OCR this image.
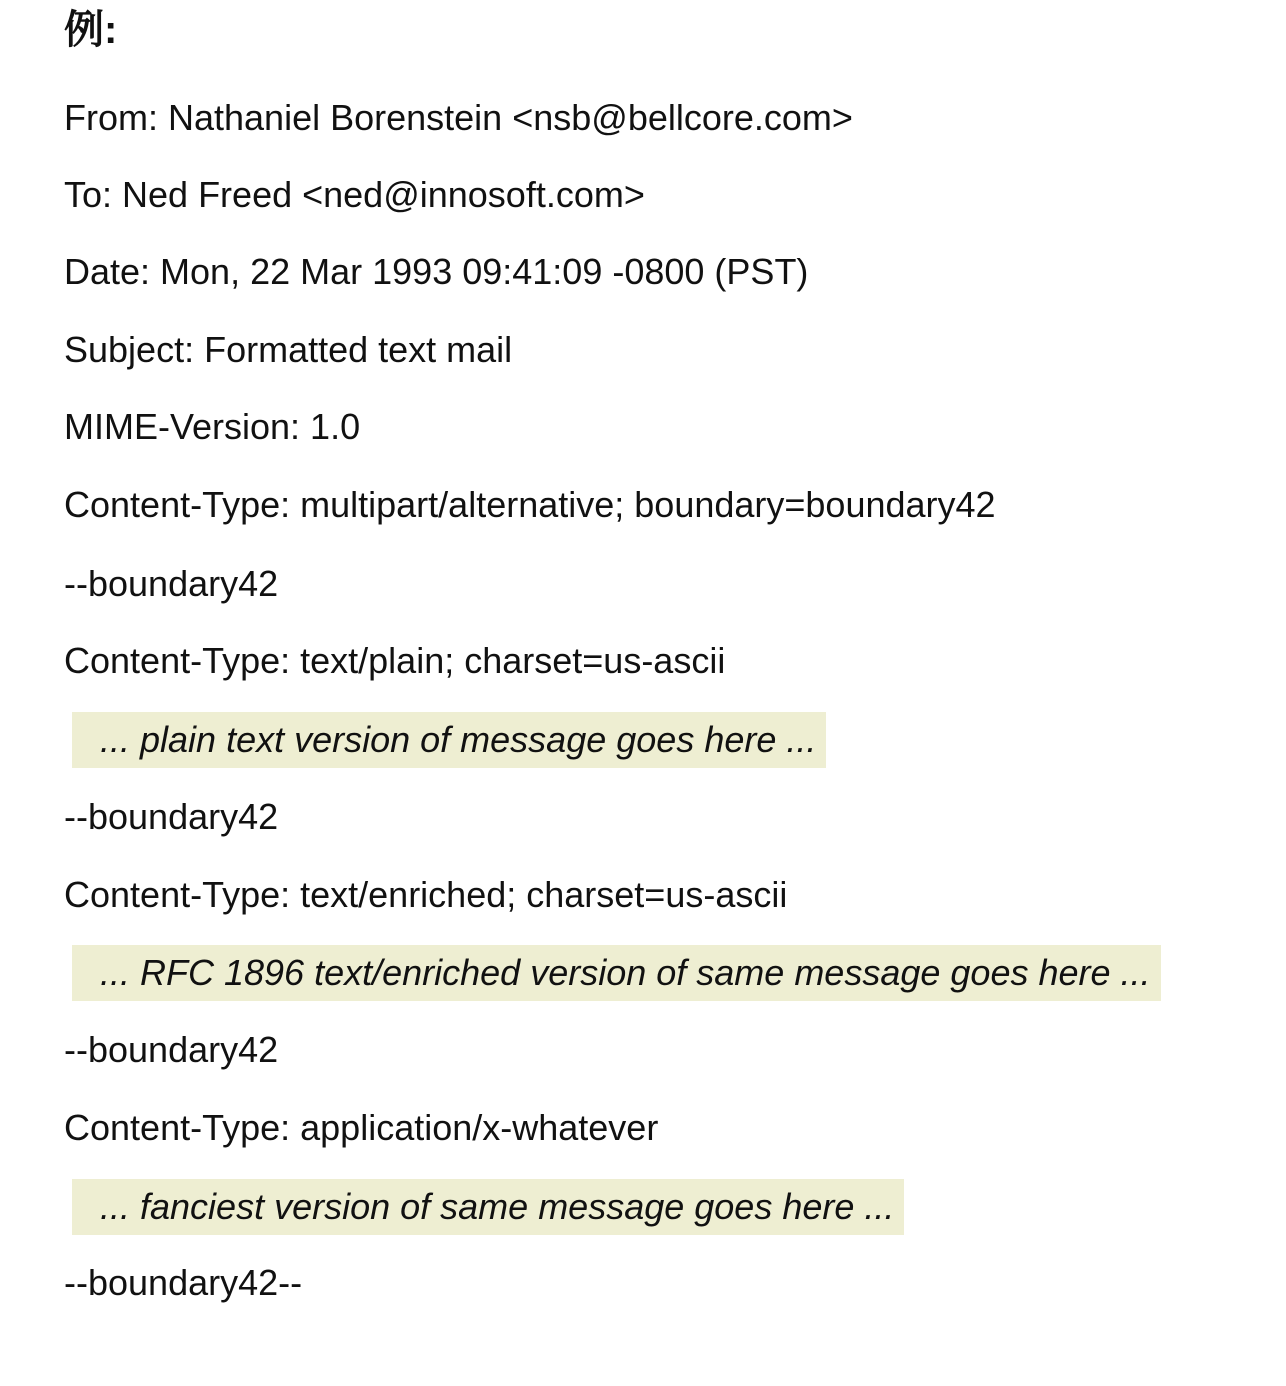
例:
From: Nathaniel Borenstein <nsb@bellcore.com>
To: Ned Freed <ned@innosoft.com>
Date: Mon, 22 Mar 1993 09:41:09 -0800 (PST)
Subject: Formatted text mail
MIME-Version: 1.0
Content-Type: multipart/alternative; boundary=boundary42
--boundary42
Content-Type: text/plain; charset=us-ascii
... plain text version of message goes here ...
--boundary42
Content-Type: text/enriched; charset=us-ascii
... RFC 1896 text/enriched version of same message goes here ...
--boundary42
Content-Type: application/x-whatever
... fanciest version of same message goes here ...
--boundary42--
